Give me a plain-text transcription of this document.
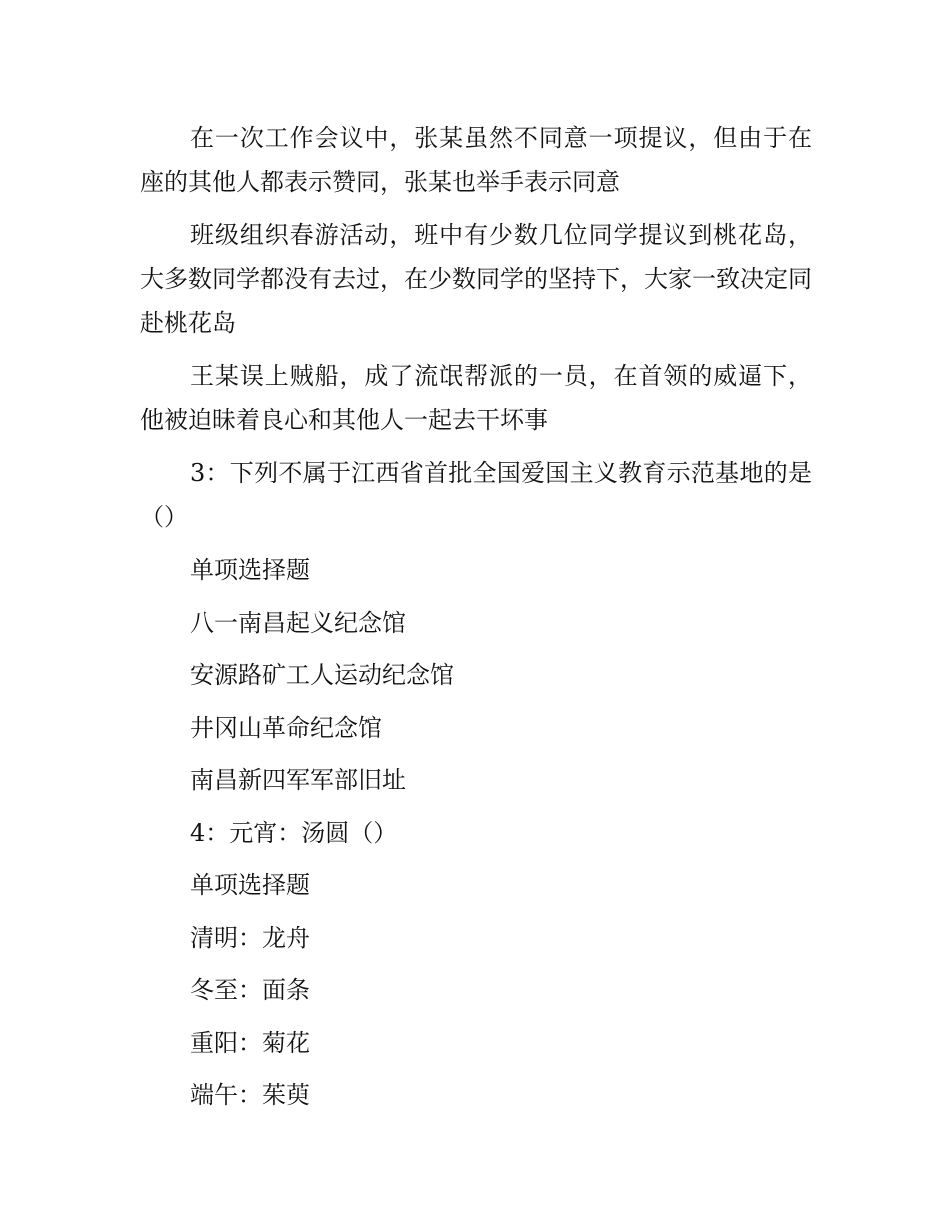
在一次工作会议中，张某虽然不同意一项提议，但由于在座的其他人都表示赞同，张某也举手表示同意

班级组织春游活动，班中有少数几位同学提议到桃花岛，大多数同学都没有去过，在少数同学的坚持下，大家一致决定同赴桃花岛

王某误上贼船，成了流氓帮派的一员，在首领的威逼下，他被迫昧着良心和其他人一起去干坏事

3：下列不属于江西省首批全国爱国主义教育示范基地的是（）

单项选择题
八一南昌起义纪念馆
安源路矿工人运动纪念馆
井冈山革命纪念馆
南昌新四军军部旧址
4：元宵：汤圆（）
单项选择题
清明：龙舟
冬至：面条
重阳：菊花
端午：茱萸
